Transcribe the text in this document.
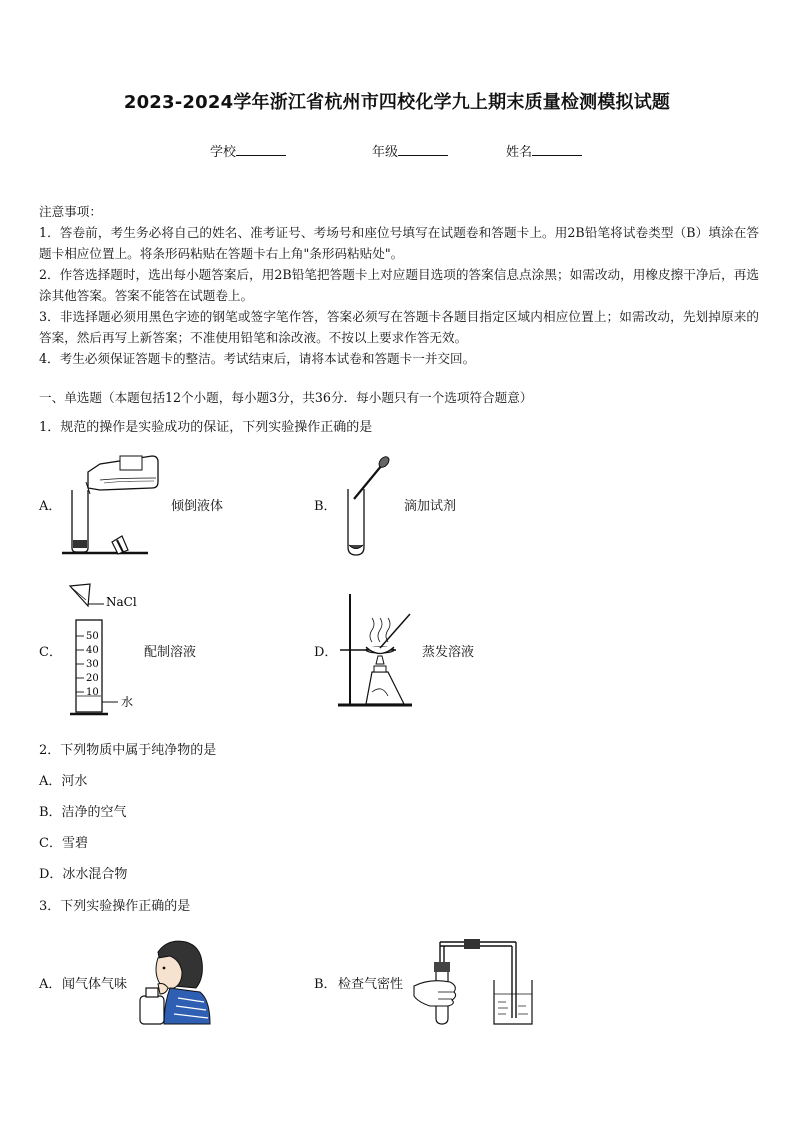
2023-2024学年浙江省杭州市四校化学九上期末质量检测模拟试题
学校	年级	姓名

注意事项：

1．答卷前，考生务必将自己的姓名、准考证号、考场号和座位号填写在试题卷和答题卡上。用2B铅笔将试卷类型（B）填涂在答题卡相应位置上。将条形码粘贴在答题卡右上角"条形码粘贴处"。

2．作答选择题时，选出每小题答案后，用2B铅笔把答题卡上对应题目选项的答案信息点涂黑；如需改动，用橡皮擦干净后，再选涂其他答案。答案不能答在试题卷上。

3．非选择题必须用黑色字迹的钢笔或签字笔作答，答案必须写在答题卡各题目指定区域内相应位置上；如需改动，先划掉原来的答案，然后再写上新答案；不准使用铅笔和涂改液。不按以上要求作答无效。

4．考生必须保证答题卡的整洁。考试结束后，请将本试卷和答题卡一并交回。

一、单选题（本题包括12个小题，每小题3分，共36分．每小题只有一个选项符合题意）
1．规范的操作是实验成功的保证，下列实验操作正确的是
A．	倾倒液体	B．	滴加试剂
C．
NaCl
50
40
30
20
10
水
配制溶液	D．	蒸发溶液
2．下列物质中属于纯净物的是
A．河水
B．洁净的空气
C．雪碧
D．冰水混合物
3．下列实验操作正确的是
A． 闻气体气味	B． 检查气密性
